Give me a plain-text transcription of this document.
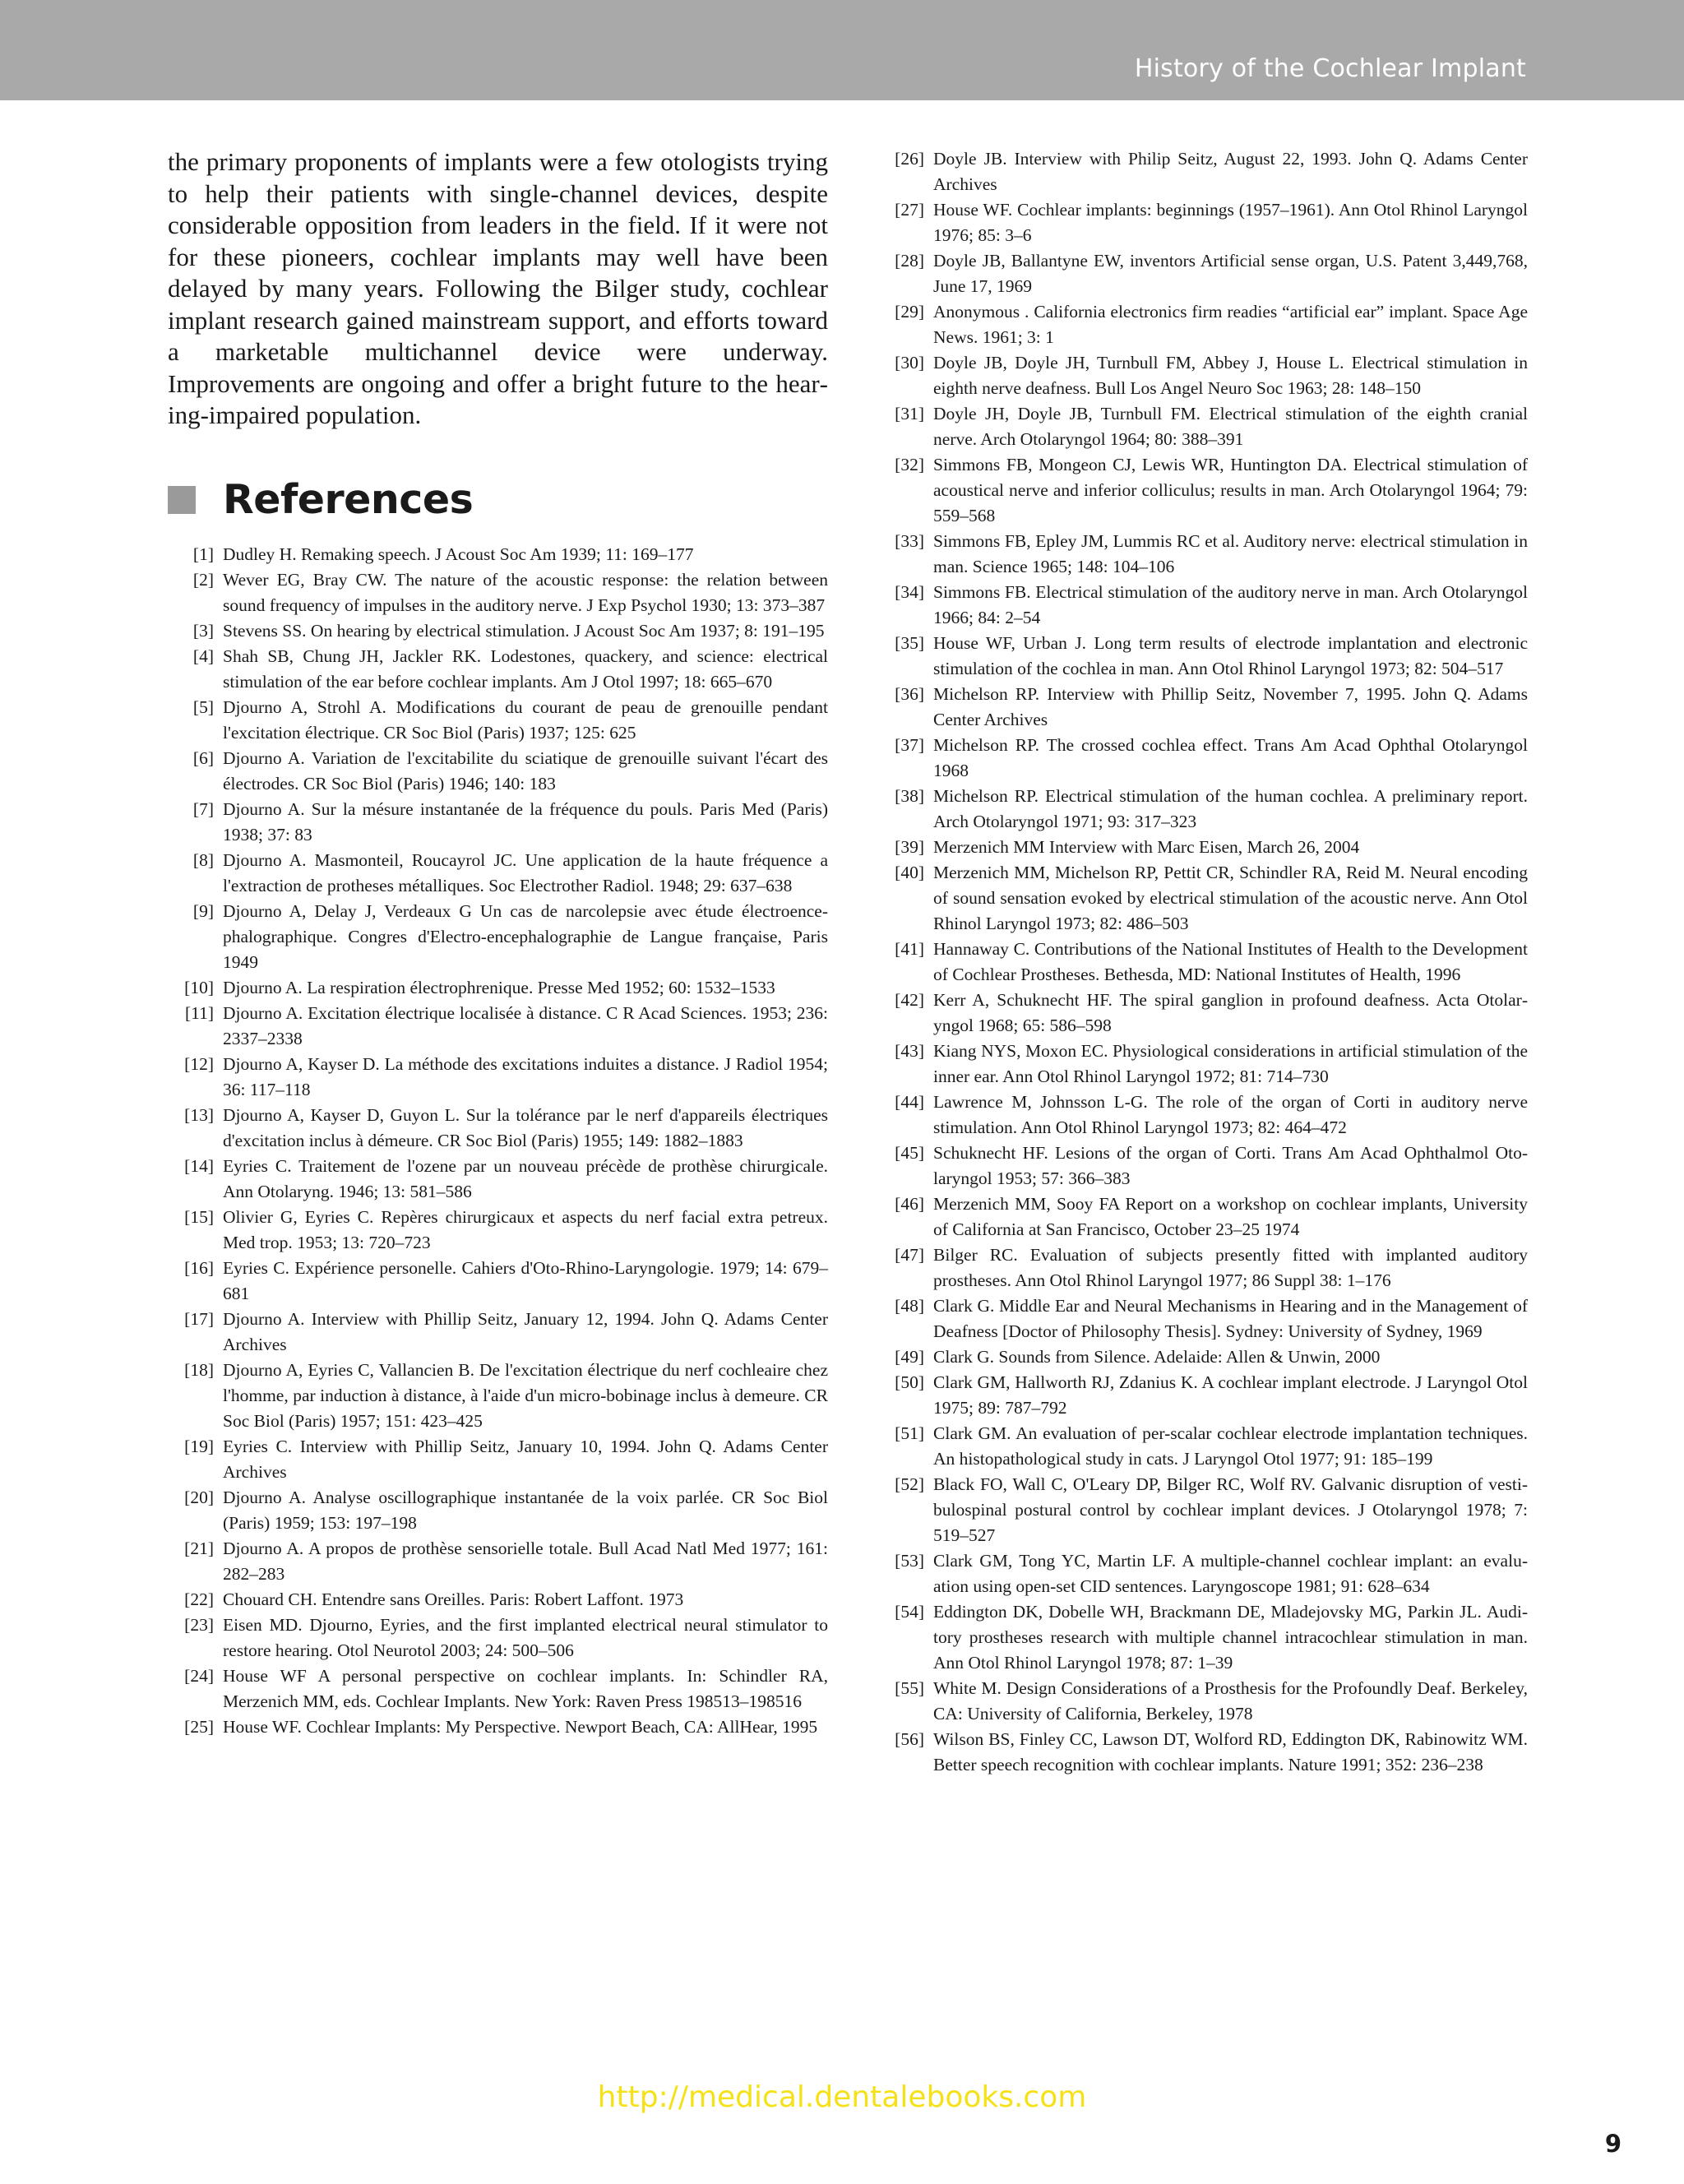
History of the Cochlear Implant

the primary proponents of implants were a few otologists trying to help their patients with single-channel devices, despite considerable opposition from leaders in the field. If it were not for these pioneers, cochlear implants may well have been delayed by many years. Following the Bilger study, cochlear implant research gained mainstream support, and efforts toward a marketable multichannel device were underway. Improvements are ongoing and offer a bright future to the hearing-impaired population.

References
[1] Dudley H. Remaking speech. J Acoust Soc Am 1939; 11: 169–177
[2] Wever EG, Bray CW. The nature of the acoustic response: the relation between sound frequency of impulses in the auditory nerve. J Exp Psychol 1930; 13: 373–387
[3] Stevens SS. On hearing by electrical stimulation. J Acoust Soc Am 1937; 8: 191–195
[4] Shah SB, Chung JH, Jackler RK. Lodestones, quackery, and science: electrical stimulation of the ear before cochlear implants. Am J Otol 1997; 18: 665–670
[5] Djourno A, Strohl A. Modifications du courant de peau de grenouille pendant l'excitation électrique. CR Soc Biol (Paris) 1937; 125: 625
[6] Djourno A. Variation de l'excitabilite du sciatique de grenouille suivant l'écart des électrodes. CR Soc Biol (Paris) 1946; 140: 183
[7] Djourno A. Sur la mésure instantanée de la fréquence du pouls. Paris Med (Paris) 1938; 37: 83
[8] Djourno A. Masmonteil, Roucayrol JC. Une application de la haute fréquence a l'extraction de protheses métalliques. Soc Electrother Radiol. 1948; 29: 637–638
[9] Djourno A, Delay J, Verdeaux G Un cas de narcolepsie avec étude électroencephalographique. Congres d'Electro-encephalographie de Langue française, Paris 1949
[10] Djourno A. La respiration électrophrenique. Presse Med 1952; 60: 1532–1533
[11] Djourno A. Excitation électrique localisée à distance. C R Acad Sciences. 1953; 236: 2337–2338
[12] Djourno A, Kayser D. La méthode des excitations induites a distance. J Radiol 1954; 36: 117–118
[13] Djourno A, Kayser D, Guyon L. Sur la tolérance par le nerf d'appareils électriques d'excitation inclus à démeure. CR Soc Biol (Paris) 1955; 149: 1882–1883
[14] Eyries C. Traitement de l'ozene par un nouveau précède de prothèse chirurgicale. Ann Otolaryng. 1946; 13: 581–586
[15] Olivier G, Eyries C. Repères chirurgicaux et aspects du nerf facial extra petreux. Med trop. 1953; 13: 720–723
[16] Eyries C. Expérience personelle. Cahiers d'Oto-Rhino-Laryngologie. 1979; 14: 679–681
[17] Djourno A. Interview with Phillip Seitz, January 12, 1994. John Q. Adams Center Archives
[18] Djourno A, Eyries C, Vallancien B. De l'excitation électrique du nerf cochleaire chez l'homme, par induction à distance, à l'aide d'un micro-bobinage inclus à demeure. CR Soc Biol (Paris) 1957; 151: 423–425
[19] Eyries C. Interview with Phillip Seitz, January 10, 1994. John Q. Adams Center Archives
[20] Djourno A. Analyse oscillographique instantanée de la voix parlée. CR Soc Biol (Paris) 1959; 153: 197–198
[21] Djourno A. A propos de prothèse sensorielle totale. Bull Acad Natl Med 1977; 161: 282–283
[22] Chouard CH. Entendre sans Oreilles. Paris: Robert Laffont. 1973
[23] Eisen MD. Djourno, Eyries, and the first implanted electrical neural stimulator to restore hearing. Otol Neurotol 2003; 24: 500–506
[24] House WF A personal perspective on cochlear implants. In: Schindler RA, Merzenich MM, eds. Cochlear Implants. New York: Raven Press 198513–198516
[25] House WF. Cochlear Implants: My Perspective. Newport Beach, CA: AllHear, 1995
[26] Doyle JB. Interview with Philip Seitz, August 22, 1993. John Q. Adams Center Archives
[27] House WF. Cochlear implants: beginnings (1957–1961). Ann Otol Rhinol Laryngol 1976; 85: 3–6
[28] Doyle JB, Ballantyne EW, inventors Artificial sense organ, U.S. Patent 3,449,768, June 17, 1969
[29] Anonymous . California electronics firm readies “artificial ear” implant. Space Age News. 1961; 3: 1
[30] Doyle JB, Doyle JH, Turnbull FM, Abbey J, House L. Electrical stimulation in eighth nerve deafness. Bull Los Angel Neuro Soc 1963; 28: 148–150
[31] Doyle JH, Doyle JB, Turnbull FM. Electrical stimulation of the eighth cranial nerve. Arch Otolaryngol 1964; 80: 388–391
[32] Simmons FB, Mongeon CJ, Lewis WR, Huntington DA. Electrical stimulation of acoustical nerve and inferior colliculus; results in man. Arch Otolaryngol 1964; 79: 559–568
[33] Simmons FB, Epley JM, Lummis RC et al. Auditory nerve: electrical stimulation in man. Science 1965; 148: 104–106
[34] Simmons FB. Electrical stimulation of the auditory nerve in man. Arch Otolaryngol 1966; 84: 2–54
[35] House WF, Urban J. Long term results of electrode implantation and electronic stimulation of the cochlea in man. Ann Otol Rhinol Laryngol 1973; 82: 504–517
[36] Michelson RP. Interview with Phillip Seitz, November 7, 1995. John Q. Adams Center Archives
[37] Michelson RP. The crossed cochlea effect. Trans Am Acad Ophthal Otolaryngol 1968
[38] Michelson RP. Electrical stimulation of the human cochlea. A preliminary report. Arch Otolaryngol 1971; 93: 317–323
[39] Merzenich MM Interview with Marc Eisen, March 26, 2004
[40] Merzenich MM, Michelson RP, Pettit CR, Schindler RA, Reid M. Neural encoding of sound sensation evoked by electrical stimulation of the acoustic nerve. Ann Otol Rhinol Laryngol 1973; 82: 486–503
[41] Hannaway C. Contributions of the National Institutes of Health to the Development of Cochlear Prostheses. Bethesda, MD: National Institutes of Health, 1996
[42] Kerr A, Schuknecht HF. The spiral ganglion in profound deafness. Acta Otolaryngol 1968; 65: 586–598
[43] Kiang NYS, Moxon EC. Physiological considerations in artificial stimulation of the inner ear. Ann Otol Rhinol Laryngol 1972; 81: 714–730
[44] Lawrence M, Johnsson L-G. The role of the organ of Corti in auditory nerve stimulation. Ann Otol Rhinol Laryngol 1973; 82: 464–472
[45] Schuknecht HF. Lesions of the organ of Corti. Trans Am Acad Ophthalmol Otolaryngol 1953; 57: 366–383
[46] Merzenich MM, Sooy FA Report on a workshop on cochlear implants, University of California at San Francisco, October 23–25 1974
[47] Bilger RC. Evaluation of subjects presently fitted with implanted auditory prostheses. Ann Otol Rhinol Laryngol 1977; 86 Suppl 38: 1–176
[48] Clark G. Middle Ear and Neural Mechanisms in Hearing and in the Management of Deafness [Doctor of Philosophy Thesis]. Sydney: University of Sydney, 1969
[49] Clark G. Sounds from Silence. Adelaide: Allen & Unwin, 2000
[50] Clark GM, Hallworth RJ, Zdanius K. A cochlear implant electrode. J Laryngol Otol 1975; 89: 787–792
[51] Clark GM. An evaluation of per-scalar cochlear electrode implantation techniques. An histopathological study in cats. J Laryngol Otol 1977; 91: 185–199
[52] Black FO, Wall C, O'Leary DP, Bilger RC, Wolf RV. Galvanic disruption of vestibulospinal postural control by cochlear implant devices. J Otolaryngol 1978; 7: 519–527
[53] Clark GM, Tong YC, Martin LF. A multiple-channel cochlear implant: an evaluation using open-set CID sentences. Laryngoscope 1981; 91: 628–634
[54] Eddington DK, Dobelle WH, Brackmann DE, Mladejovsky MG, Parkin JL. Auditory prostheses research with multiple channel intracochlear stimulation in man. Ann Otol Rhinol Laryngol 1978; 87: 1–39
[55] White M. Design Considerations of a Prosthesis for the Profoundly Deaf. Berkeley, CA: University of California, Berkeley, 1978
[56] Wilson BS, Finley CC, Lawson DT, Wolford RD, Eddington DK, Rabinowitz WM. Better speech recognition with cochlear implants. Nature 1991; 352: 236–238
http://medical.dentalebooks.com
9
